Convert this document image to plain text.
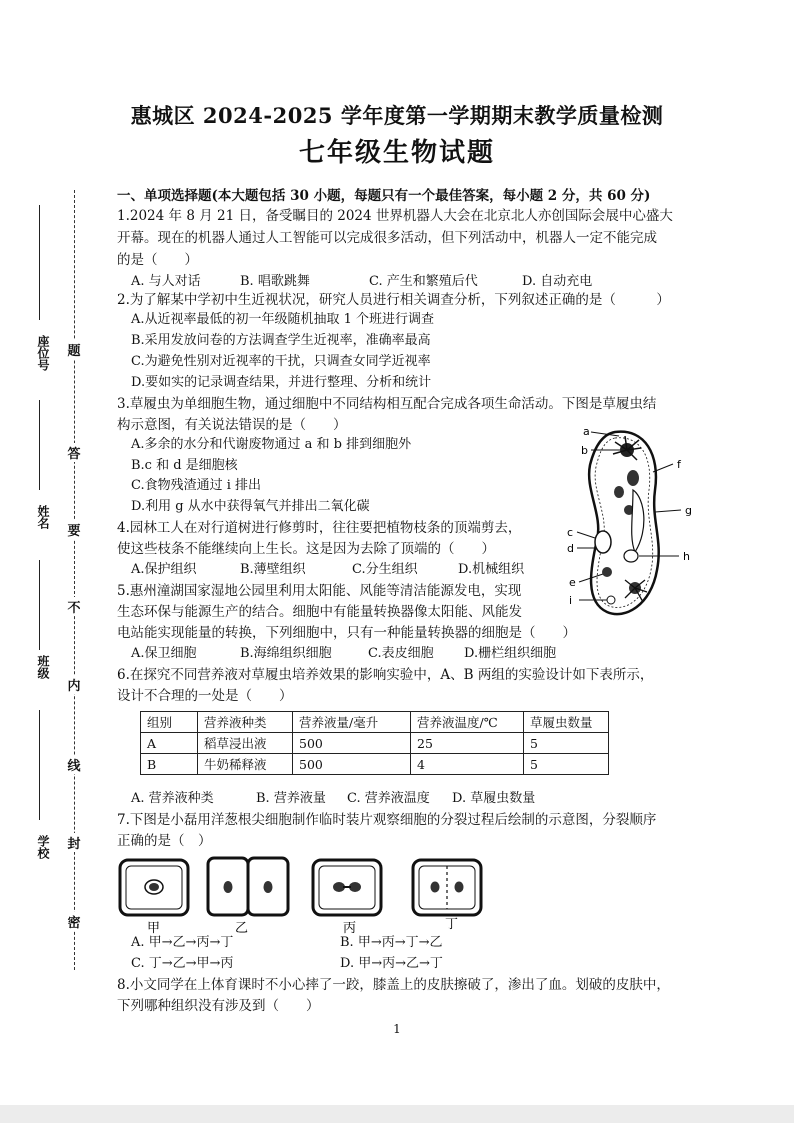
座位号
姓名
班级
学校
题
答
要
不
内
线
封
密
惠城区 2024-2025 学年度第一学期期末教学质量检测
七年级生物试题
一、单项选择题(本大题包括 30 小题，每题只有一个最佳答案，每小题 2 分，共 60 分)
1.2024 年 8 月 21 日，备受瞩目的 2024 世界机器人大会在北京北人亦创国际会展中心盛大
开幕。现在的机器人通过人工智能可以完成很多活动，但下列活动中，机器人一定不能完成
的是（　　）
A. 与人对话	B. 唱歌跳舞	C. 产生和繁殖后代	D. 自动充电
2.为了解某中学初中生近视状况，研究人员进行相关调查分析，下列叙述正确的是（　　　）
A.从近视率最低的初一年级随机抽取 1 个班进行调查
B.采用发放问卷的方法调查学生近视率，准确率最高
C.为避免性别对近视率的干扰，只调查女同学近视率
D.要如实的记录调查结果，并进行整理、分析和统计
3.草履虫为单细胞生物，通过细胞中不同结构相互配合完成各项生命活动。下图是草履虫结
构示意图，有关说法错误的是（　　）
A.多余的水分和代谢废物通过 a 和 b 排到细胞外
B.c 和 d 是细胞核
C.食物残渣通过 i 排出
D.利用 g 从水中获得氧气并排出二氧化碳
a
b
f
g
c
d
h
e
i
4.园林工人在对行道树进行修剪时，往往要把植物枝条的顶端剪去，
使这些枝条不能继续向上生长。这是因为去除了顶端的（　　）
A.保护组织	B.薄壁组织	C.分生组织	D.机械组织
5.惠州潼湖国家湿地公园里利用太阳能、风能等清洁能源发电，实现
生态环保与能源生产的结合。细胞中有能量转换器像太阳能、风能发
电站能实现能量的转换，下列细胞中，只有一种能量转换器的细胞是（　　）
A.保卫细胞	B.海绵组织细胞	C.表皮细胞 D.栅栏组织细胞
6.在探究不同营养液对草履虫培养效果的影响实验中，A、B 两组的实验设计如下表所示，
设计不合理的一处是（　　）
组别	营养液种类	营养液量/毫升	营养液温度/℃	草履虫数量
A	稻草浸出液	500	25	5
B	牛奶稀释液	500	4	5
A. 营养液种类	B. 营养液量 C. 营养液温度 D. 草履虫数量
7.下图是小磊用洋葱根尖细胞制作临时装片观察细胞的分裂过程后绘制的示意图，分裂顺序
正确的是（　）
甲	乙	丙	丁
A. 甲→乙→丙→丁	B. 甲→丙→丁→乙
C. 丁→乙→甲→丙	D. 甲→丙→乙→丁
8.小文同学在上体育课时不小心摔了一跤，膝盖上的皮肤擦破了，渗出了血。划破的皮肤中，
下列哪种组织没有涉及到（　　）
1
